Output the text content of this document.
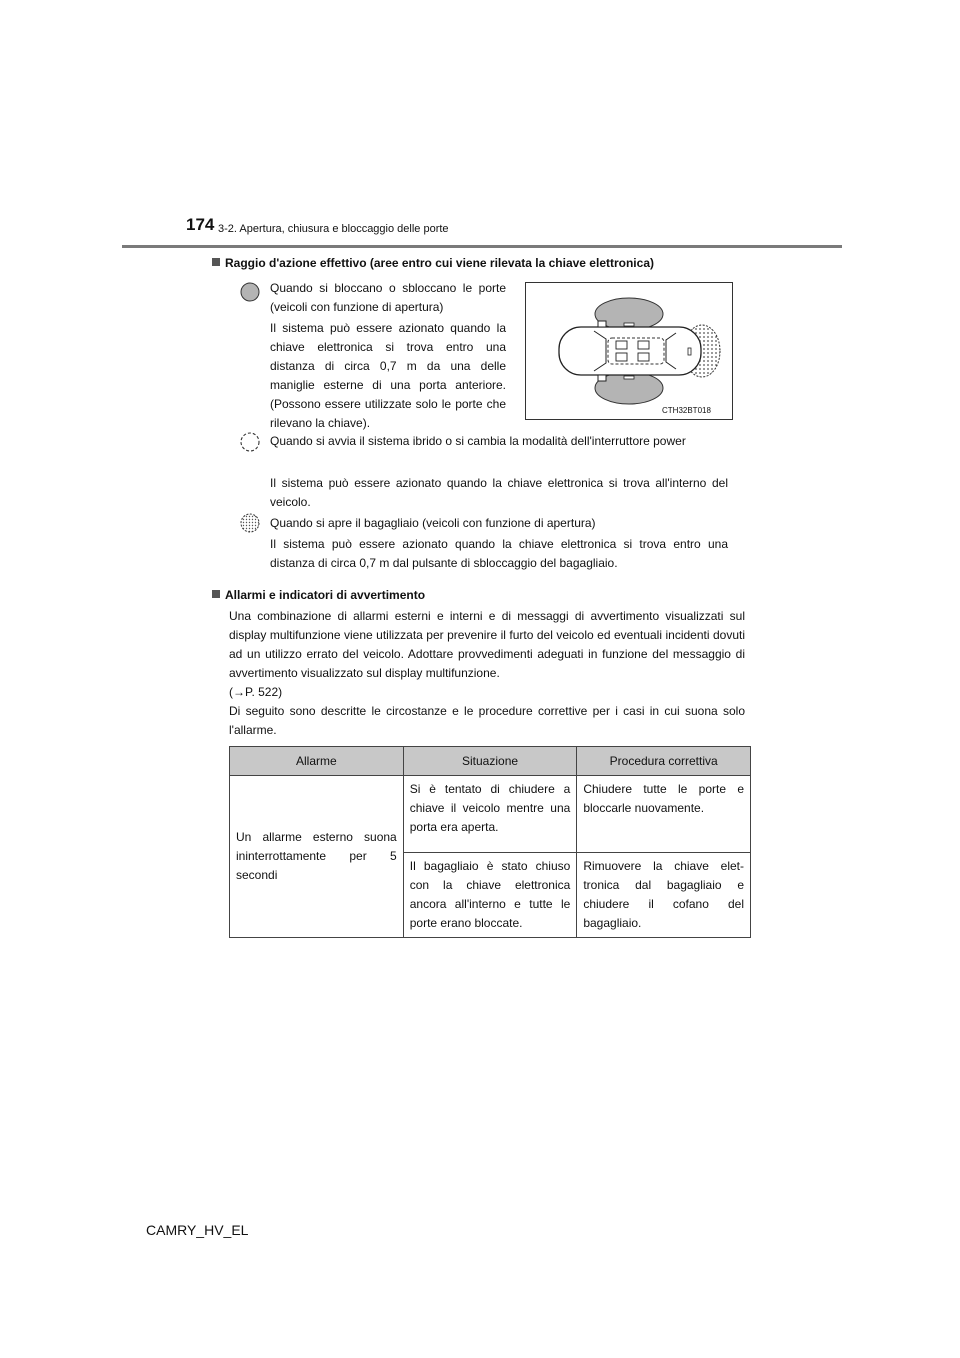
174 3-2. Apertura, chiusura e bloccaggio delle porte
Raggio d'azione effettivo (aree entro cui viene rilevata la chiave elettronica)
Quando si bloccano o sbloccano le porte (veicoli con funzione di apertura)
Il sistema può essere azionato quando la chiave elettronica si trova entro una distanza di circa 0,7 m da una delle maniglie esterne di una porta anteriore. (Possono essere utilizzate solo le porte che rilevano la chiave).
CTH32BT018
Quando si avvia il sistema ibrido o si cambia la modalità dell'interruttore power
Il sistema può essere azionato quando la chiave elettronica si trova all'interno del veicolo.
Quando si apre il bagagliaio (veicoli con funzione di apertura)
Il sistema può essere azionato quando la chiave elettronica si trova entro una distanza di circa 0,7 m dal pulsante di sbloccaggio del bagagliaio.
Allarmi e indicatori di avvertimento
Una combinazione di allarmi esterni e interni e di messaggi di avvertimento visualizzati sul display multifunzione viene utilizzata per prevenire il furto del veicolo ed eventuali incidenti dovuti ad un utilizzo errato del veicolo. Adottare provvedimenti adeguati in funzione del messaggio di avvertimento visualizzato sul display multifunzione.
(→P. 522)
Di seguito sono descritte le circostanze e le procedure correttive per i casi in cui suona solo l'allarme.
Allarme	Situazione	Procedura correttiva
Un allarme esterno suona ininterrottamente per 5 secondi	Si è tentato di chiudere a chiave il veicolo mentre una porta era aperta.	Chiudere tutte le porte e bloccarle nuovamente.
	Il bagagliaio è stato chiuso con la chiave elettronica ancora all'interno e tutte le porte erano bloccate.	Rimuovere la chiave elet-tronica dal bagagliaio e chiudere il cofano del bagagliaio.
CAMRY_HV_EL
